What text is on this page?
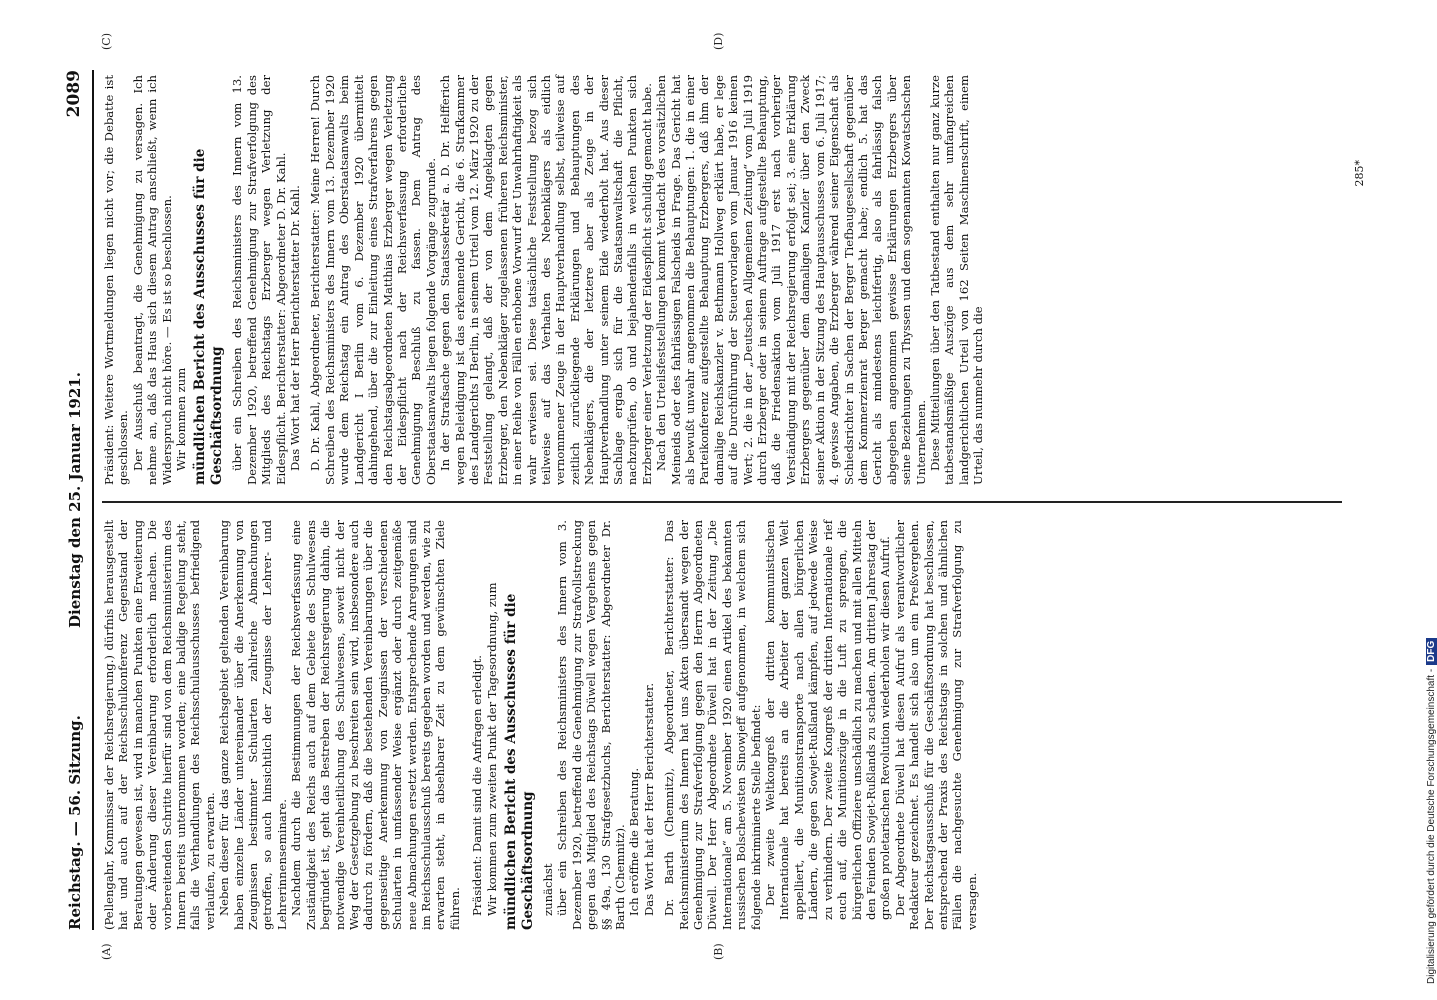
Reichstag. — 56. Sitzung.
Dienstag den 25. Januar 1921.
2089

(Pellengahr, Kommissar der Reichsregierung.) dürfnis herausgestellt hat und auch auf der Reichsschulkonferenz Gegenstand der Beratungen gewesen ist, wird in manchen Punkten eine Erweiterung oder Änderung dieser Vereinbarung erforderlich machen. Die vorbereitenden Schritte hierfür sind von dem Reichsministerium des Innern bereits unternommen worden; eine baldige Regelung steht, falls die Verhandlungen des Reichsschulausschusses befriedigend verlaufen, zu erwarten. Neben dieser für das ganze Reichsgebiet geltenden Vereinbarung haben einzelne Länder untereinander über die Anerkennung von Zeugnissen bestimmter Schularten zahlreiche Abmachungen getroffen, so auch hinsichtlich der Zeugnisse der Lehrer- und Lehrerinnenseminare. Nachdem durch die Bestimmungen der Reichsverfassung eine Zuständigkeit des Reichs auch auf dem Gebiete des Schulwesens begründet ist, geht das Bestreben der Reichsregierung dahin, die notwendige Vereinheitlichung des Schulwesens, soweit nicht der Weg der Gesetzgebung zu beschreiten sein wird, insbesondere auch dadurch zu fördern, daß die bestehenden Vereinbarungen über die gegenseitige Anerkennung von Zeugnissen der verschiedenen Schularten in umfassender Weise ergänzt oder durch zeitgemäße neue Abmachungen ersetzt werden. Entsprechende Anregungen sind im Reichsschulausschuß bereits gegeben worden und werden, wie zu erwarten steht, in absehbarer Zeit zu dem gewünschten Ziele führen. Präsident: Damit sind die Anfragen erledigt. Wir kommen zum zweiten Punkt der Tagesordnung, zum mündlichen Bericht des Ausschusses für die Geschäftsordnung zunächst über ein Schreiben des Reichsministers des Innern vom 3. Dezember 1920, betreffend die Genehmigung zur Strafvollstreckung gegen das Mitglied des Reichstags Düwell wegen Vergehens gegen §§ 49a, 130 Strafgesetzbuchs, Berichterstatter: Abgeordneter Dr. Barth (Chemnitz). Ich eröffne die Beratung. Das Wort hat der Herr Berichterstatter. Dr. Barth (Chemnitz), Abgeordneter, Berichterstatter: Das Reichsministerium des Innern hat uns Akten übersandt wegen der Genehmigung zur Strafverfolgung gegen den Herrn Abgeordneten Düwell. Der Herr Abgeordnete Düwell hat in der Zeitung „Die Internationale“ am 5. November 1920 einen Artikel des bekannten russischen Bolschewisten Sinowjeff aufgenommen, in welchem sich folgende inkriminierte Stelle befindet: Der zweite Weltkongreß der dritten kommunistischen Internationale hat bereits an die Arbeiter der ganzen Welt appelliert, die Munitionstransporte nach allen bürgerlichen Ländern, die gegen Sowjet-Rußland kämpfen, auf jedwede Weise zu verhindern. Der zweite Kongreß der dritten Internationale rief euch auf, die Munitionszüge in die Luft zu sprengen, die bürgerlichen Offiziere unschädlich zu machen und mit allen Mitteln den Feinden Sowjet-Rußlands zu schaden. Am dritten Jahrestag der großen proletarischen Revolution wiederholen wir diesen Aufruf. Der Abgeordnete Düwell hat diesen Aufruf als verantwortlicher Redakteur gezeichnet. Es handelt sich also um ein Preßvergehen. Der Reichstagsausschuß für die Geschäftsordnung hat beschlossen, entsprechend der Praxis des Reichstags in solchen und ähnlichen Fällen die nachgesuchte Genehmigung zur Strafverfolgung zu versagen.

Präsident: Weitere Wortmeldungen liegen nicht vor; die Debatte ist geschlossen. Der Ausschuß beantragt, die Genehmigung zu versagen. Ich nehme an, daß das Haus sich diesem Antrag anschließt, wenn ich Widerspruch nicht höre. — Es ist so beschlossen. Wir kommen zum mündlichen Bericht des Ausschusses für die Geschäftsordnung über ein Schreiben des Reichsministers des Innern vom 13. Dezember 1920, betreffend Genehmigung zur Strafverfolgung des Mitglieds des Reichstags Erzberger wegen Verletzung der Eidespflicht. Berichterstatter: Abgeordneter D. Dr. Kahl. Das Wort hat der Herr Berichterstatter Dr. Kahl. D. Dr. Kahl, Abgeordneter, Berichterstatter: Meine Herren! Durch Schreiben des Reichsministers des Innern vom 13. Dezember 1920 wurde dem Reichstag ein Antrag des Oberstaatsanwalts beim Landgericht I Berlin vom 6. Dezember 1920 übermittelt dahingehend, über die zur Einleitung eines Strafverfahrens gegen den Reichstagsabgeordneten Matthias Erzberger wegen Verletzung der Eidespflicht nach der Reichsverfassung erforderliche Genehmigung Beschluß zu fassen. Dem Antrag des Oberstaatsanwalts liegen folgende Vorgänge zugrunde. In der Strafsache gegen den Staatssekretär a. D. Dr. Helfferich wegen Beleidigung ist das erkennende Gericht, die 6. Strafkammer des Landgerichts I Berlin, in seinem Urteil vom 12. März 1920 zu der Feststellung gelangt, daß der von dem Angeklagten gegen Erzberger, den Nebenkläger zugelassenen früheren Reichsminister, in einer Reihe von Fällen erhobene Vorwurf der Unwahrhaftigkeit als wahr erwiesen sei. Diese tatsächliche Feststellung bezog sich teilweise auf das Verhalten des Nebenklägers als eidlich vernommener Zeuge in der Hauptverhandlung selbst, teilweise auf zeitlich zurückliegende Erklärungen und Behauptungen des Nebenklägers, die der letztere aber als Zeuge in der Hauptverhandlung unter seinem Eide wiederholt hat. Aus dieser Sachlage ergab sich für die Staatsanwaltschaft die Pflicht, nachzuprüfen, ob und bejahendenfalls in welchen Punkten sich Erzberger einer Verletzung der Eidespflicht schuldig gemacht habe. Nach den Urteilsfeststellungen kommt Verdacht des vorsätzlichen Meineids oder des fahrlässigen Falscheids in Frage. Das Gericht hat als bewußt unwahr angenommen die Behauptungen: 1. die in einer Parteikonferenz aufgestellte Behauptung Erzbergers, daß ihm der damalige Reichskanzler v. Bethmann Hollweg erklärt habe, er lege auf die Durchführung der Steuervorlagen vom Januar 1916 keinen Wert; 2. die in der „Deutschen Allgemeinen Zeitung“ vom Juli 1919 durch Erzberger oder in seinem Auftrage aufgestellte Behauptung, daß die Friedensaktion vom Juli 1917 erst nach vorheriger Verständigung mit der Reichsregierung erfolgt sei; 3. eine Erklärung Erzbergers gegenüber dem damaligen Kanzler über den Zweck seiner Aktion in der Sitzung des Hauptausschusses vom 6. Juli 1917; 4. gewisse Angaben, die Erzberger während seiner Eigenschaft als Schiedsrichter in Sachen der Berger Tiefbaugesellschaft gegenüber dem Kommerzienrat Berger gemacht habe; endlich 5. hat das Gericht als mindestens leichtfertig, also als fahrlässig falsch abgegeben angenommen gewisse Erklärungen Erzbergers über seine Beziehungen zu Thyssen und dem sogenannten Kowatschschen Unternehmen. Diese Mitteilungen über den Tatbestand enthalten nur ganz kurze tatbestandsmäßige Auszüge aus dem sehr umfangreichen landgerichtlichen Urteil von 162 Seiten Maschinenschrift, einem Urteil, das nunmehr durch die

285*
(A)	(B)
(C)	(D)
Digitalisierung gefördert durch die Deutsche Forschungsgemeinschaft -DFG
